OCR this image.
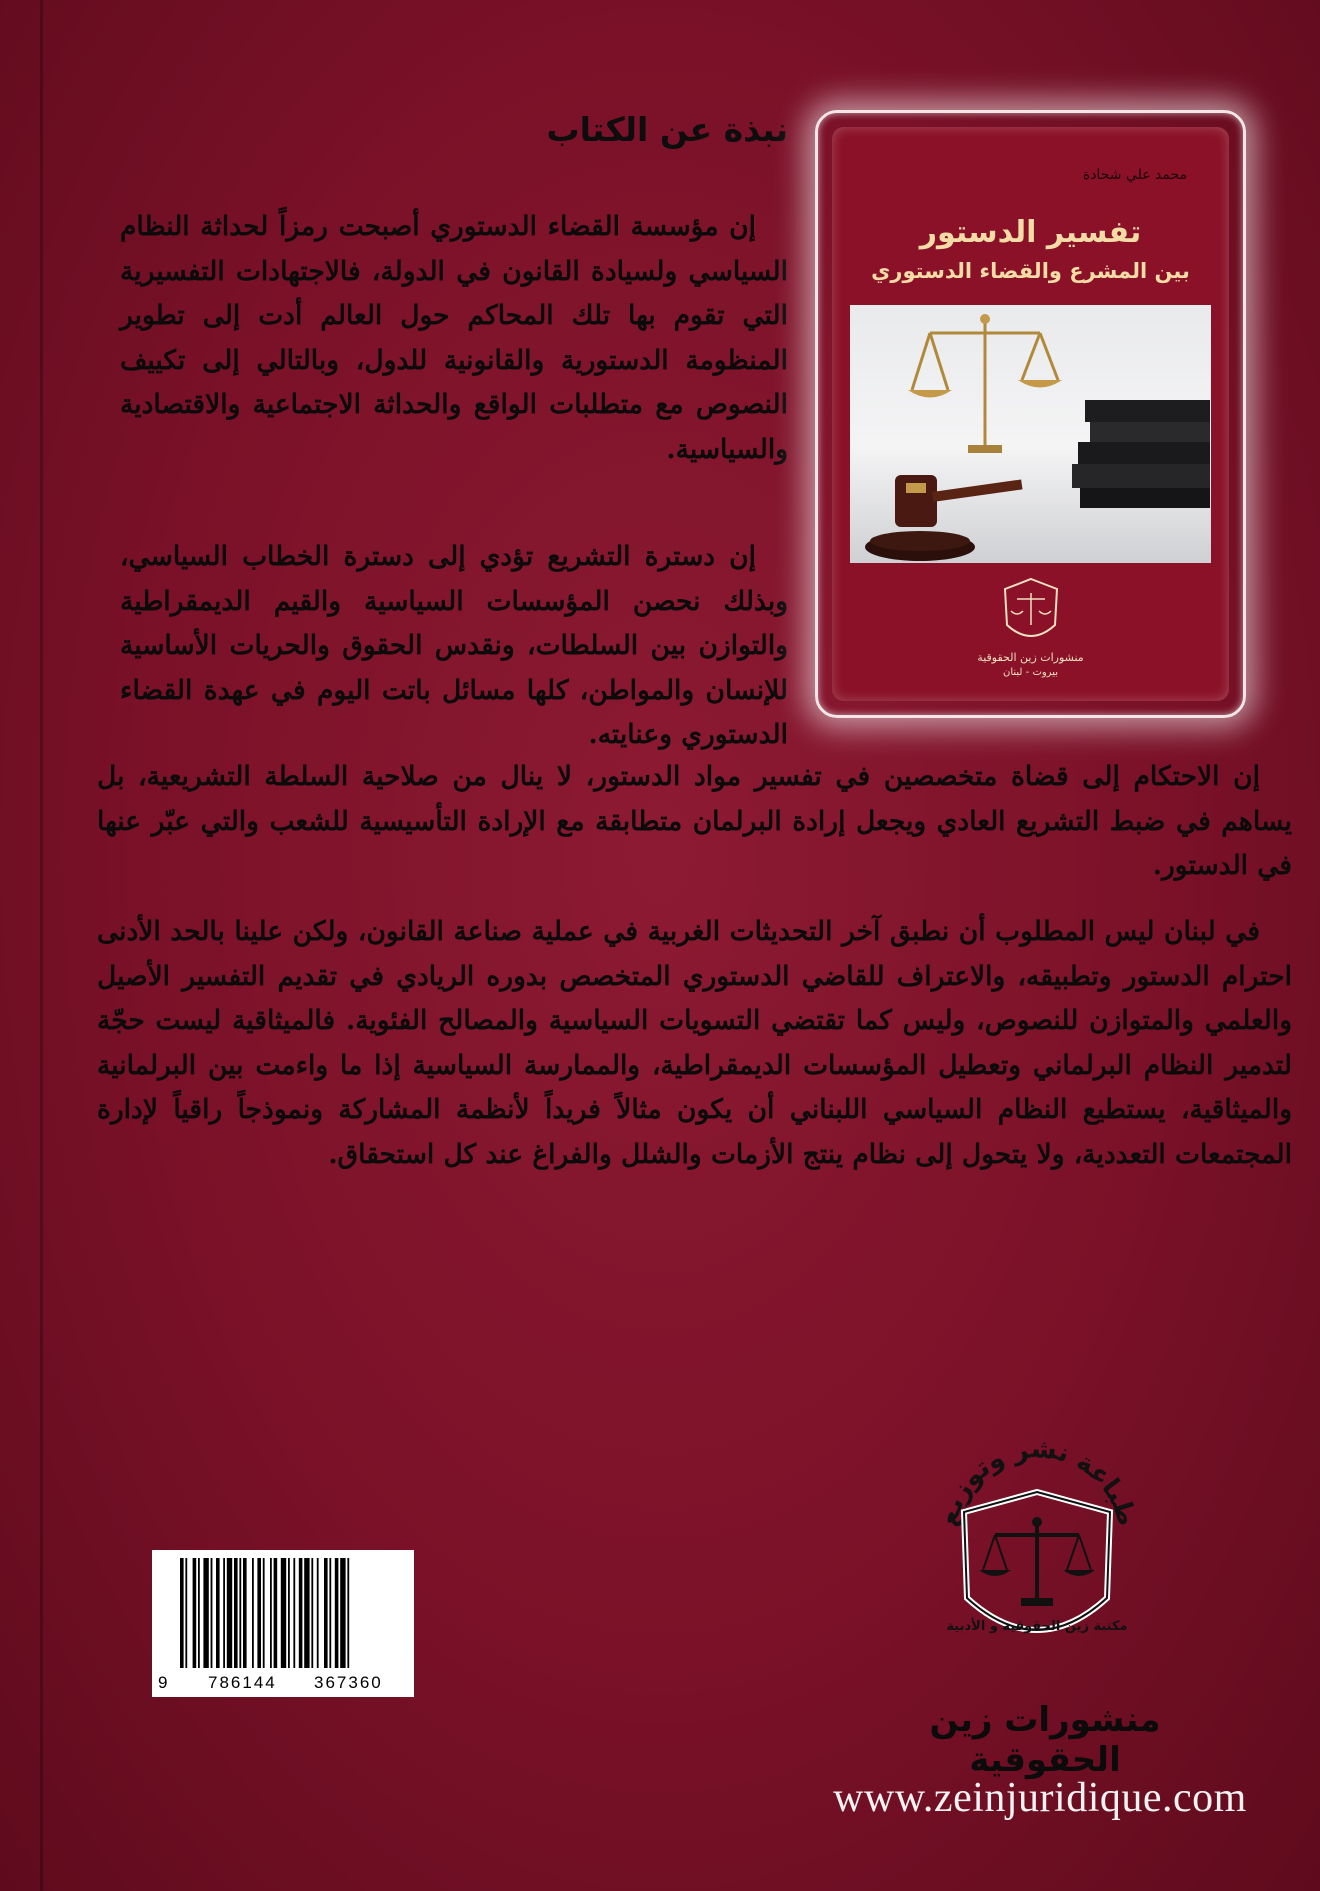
نبذة عن الكتاب
إن مؤسسة القضاء الدستوري أصبحت رمزاً لحداثة النظام السياسي ولسيادة القانون في الدولة، فالاجتهادات التفسيرية التي تقوم بها تلك المحاكم حول العالم أدت إلى تطوير المنظومة الدستورية والقانونية للدول، وبالتالي إلى تكييف النصوص مع متطلبات الواقع والحداثة الاجتماعية والاقتصادية والسياسية.
إن دسترة التشريع تؤدي إلى دسترة الخطاب السياسي، وبذلك نحصن المؤسسات السياسية والقيم الديمقراطية والتوازن بين السلطات، ونقدس الحقوق والحريات الأساسية للإنسان والمواطن، كلها مسائل باتت اليوم في عهدة القضاء الدستوري وعنايته.
إن الاحتكام إلى قضاة متخصصين في تفسير مواد الدستور، لا ينال من صلاحية السلطة التشريعية، بل يساهم في ضبط التشريع العادي ويجعل إرادة البرلمان متطابقة مع الإرادة التأسيسية للشعب والتي عبّر عنها في الدستور.
في لبنان ليس المطلوب أن نطبق آخر التحديثات الغربية في عملية صناعة القانون، ولكن علينا بالحد الأدنى احترام الدستور وتطبيقه، والاعتراف للقاضي الدستوري المتخصص بدوره الريادي في تقديم التفسير الأصيل والعلمي والمتوازن للنصوص، وليس كما تقتضي التسويات السياسية والمصالح الفئوية. فالميثاقية ليست حجّة لتدمير النظام البرلماني وتعطيل المؤسسات الديمقراطية، والممارسة السياسية إذا ما واءمت بين البرلمانية والميثاقية، يستطيع النظام السياسي اللبناني أن يكون مثالاً فريداً لأنظمة المشاركة ونموذجاً راقياً لإدارة المجتمعات التعددية، ولا يتحول إلى نظام ينتج الأزمات والشلل والفراغ عند كل استحقاق.
محمد علي شحادة
تفسير الدستور
بين المشرع والقضاء الدستوري
منشورات زين الحقوقية
بيروت - لبنان
طباعة نشر وتوزيع
مكتبة زين الحقوقية و الأدبية
منشورات زين الحقوقية
www.zeinjuridique.com
9 786144 367360
